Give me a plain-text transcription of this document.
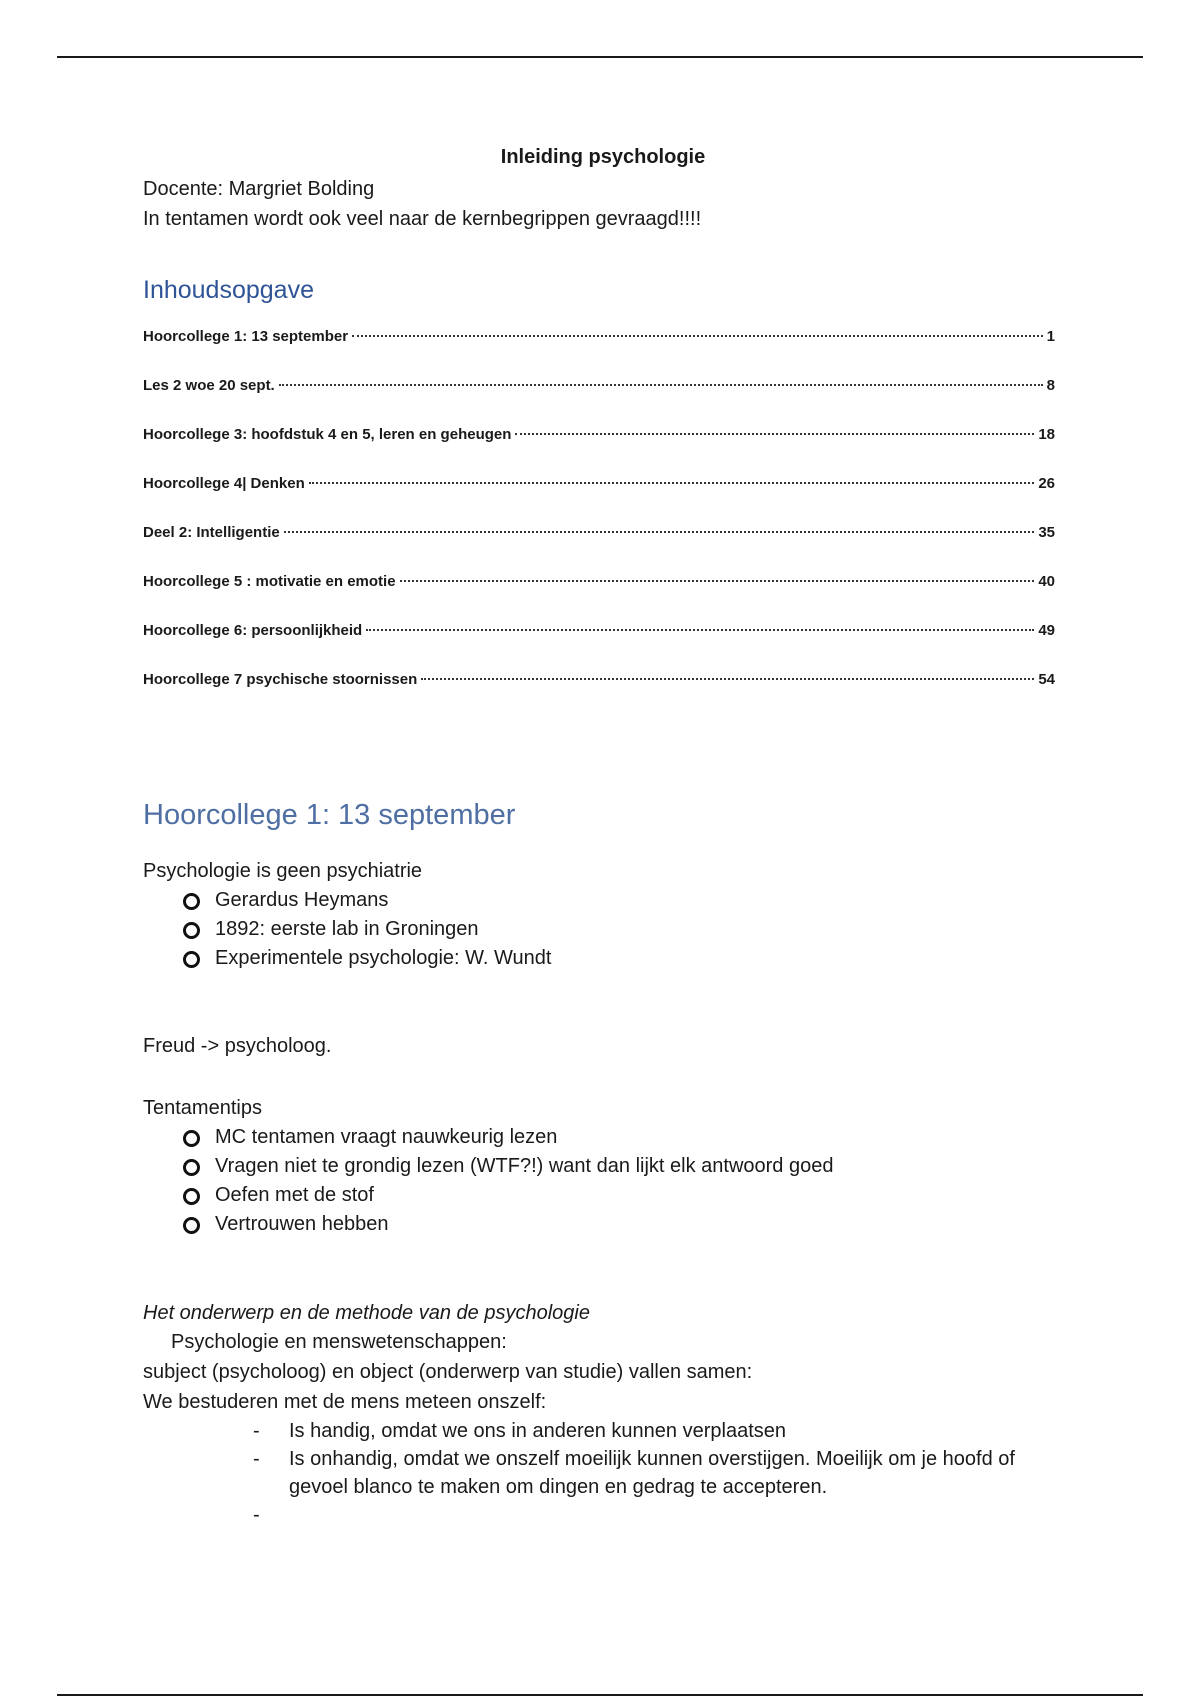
Inleiding psychologie

Docente: Margriet Bolding

In tentamen wordt ook veel naar de kernbegrippen gevraagd!!!!

Inhoudsopgave
Hoorcollege 1: 13 september	1
Les 2 woe 20 sept.	8
Hoorcollege 3: hoofdstuk 4 en 5, leren en geheugen	18
Hoorcollege 4| Denken	26
Deel 2: Intelligentie	35
Hoorcollege 5 : motivatie en emotie	40
Hoorcollege 6: persoonlijkheid	49
Hoorcollege 7 psychische stoornissen	54
Hoorcollege 1: 13 september

Psychologie is geen psychiatrie

Gerardus Heymans
1892: eerste lab in Groningen
Experimentele psychologie: W. Wundt

Freud -> psycholoog.

Tentamentips

MC tentamen vraagt nauwkeurig lezen
Vragen niet te grondig lezen (WTF?!) want dan lijkt elk antwoord goed
Oefen met de stof
Vertrouwen hebben

Het onderwerp en de methode van de psychologie

Psychologie en menswetenschappen:

subject (psycholoog) en object (onderwerp van studie) vallen samen:

We bestuderen met de mens meteen onszelf:

- Is handig, omdat we ons in anderen kunnen verplaatsen
- Is onhandig, omdat we onszelf moeilijk kunnen overstijgen. Moeilijk om je hoofd of gevoel blanco te maken om dingen en gedrag te accepteren.
-
